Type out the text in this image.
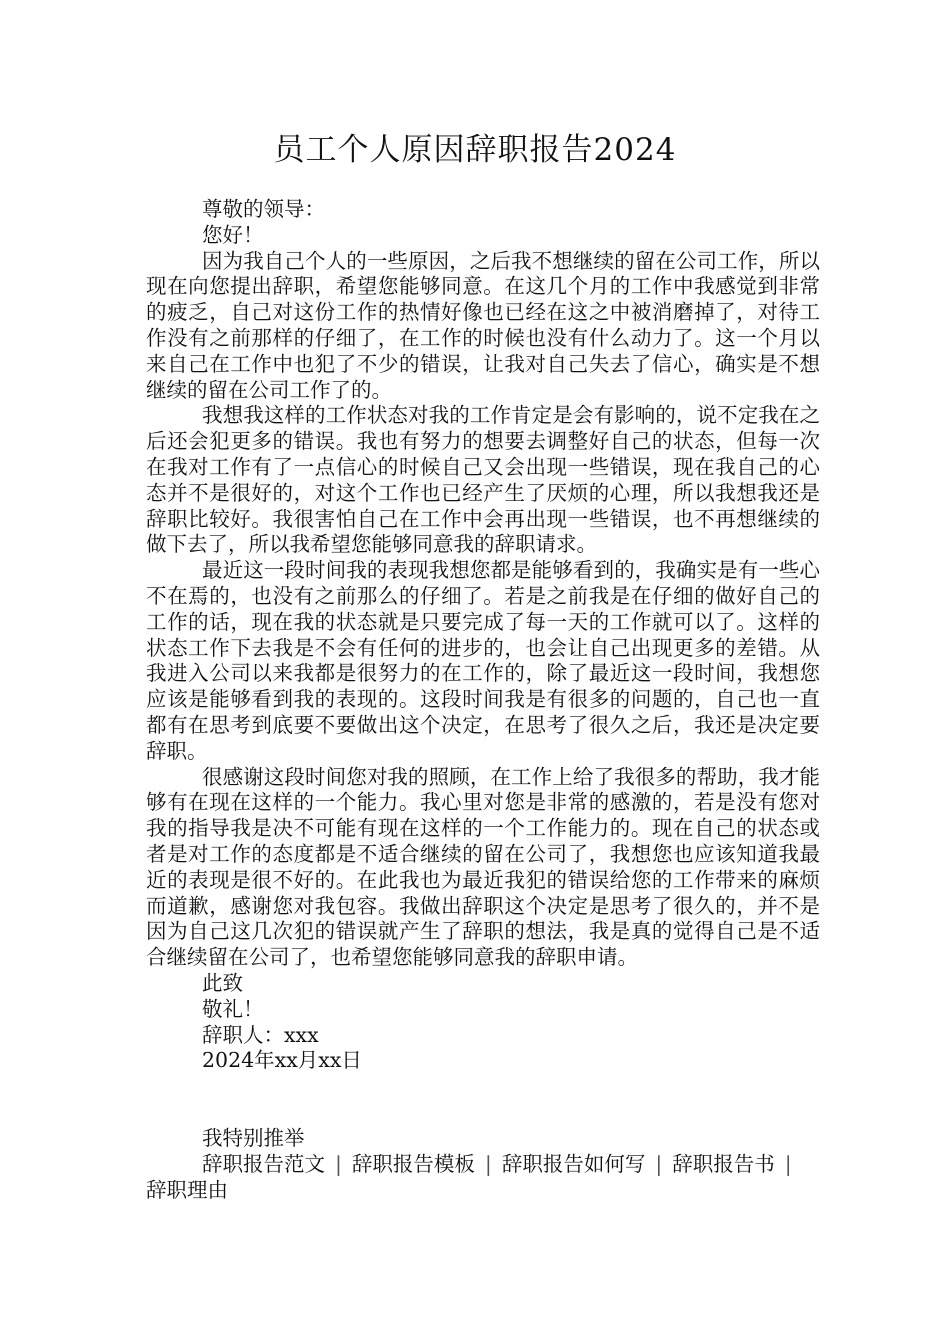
员工个人原因辞职报告2024

尊敬的领导：

您好！

因为我自己个人的一些原因，之后我不想继续的留在公司工作，所以现在向您提出辞职，希望您能够同意。在这几个月的工作中我感觉到非常的疲乏，自己对这份工作的热情好像也已经在这之中被消磨掉了，对待工作没有之前那样的仔细了，在工作的时候也没有什么动力了。这一个月以来自己在工作中也犯了不少的错误，让我对自己失去了信心，确实是不想继续的留在公司工作了的。

我想我这样的工作状态对我的工作肯定是会有影响的，说不定我在之后还会犯更多的错误。我也有努力的想要去调整好自己的状态，但每一次在我对工作有了一点信心的时候自己又会出现一些错误，现在我自己的心态并不是很好的，对这个工作也已经产生了厌烦的心理，所以我想我还是辞职比较好。我很害怕自己在工作中会再出现一些错误，也不再想继续的做下去了，所以我希望您能够同意我的辞职请求。

最近这一段时间我的表现我想您都是能够看到的，我确实是有一些心不在焉的，也没有之前那么的仔细了。若是之前我是在仔细的做好自己的工作的话，现在我的状态就是只要完成了每一天的工作就可以了。这样的状态工作下去我是不会有任何的进步的，也会让自己出现更多的差错。从我进入公司以来我都是很努力的在工作的，除了最近这一段时间，我想您应该是能够看到我的表现的。这段时间我是有很多的问题的，自己也一直都有在思考到底要不要做出这个决定，在思考了很久之后，我还是决定要辞职。

很感谢这段时间您对我的照顾，在工作上给了我很多的帮助，我才能够有在现在这样的一个能力。我心里对您是非常的感激的，若是没有您对我的指导我是决不可能有现在这样的一个工作能力的。现在自己的状态或者是对工作的态度都是不适合继续的留在公司了，我想您也应该知道我最近的表现是很不好的。在此我也为最近我犯的错误给您的工作带来的麻烦而道歉，感谢您对我包容。我做出辞职这个决定是思考了很久的，并不是因为自己这几次犯的错误就产生了辞职的想法，我是真的觉得自己是不适合继续留在公司了，也希望您能够同意我的辞职申请。

此致

敬礼！

辞职人：xxx

2024年xx月xx日

我特别推举

辞职报告范文 | 辞职报告模板 | 辞职报告如何写 | 辞职报告书 |辞职理由
